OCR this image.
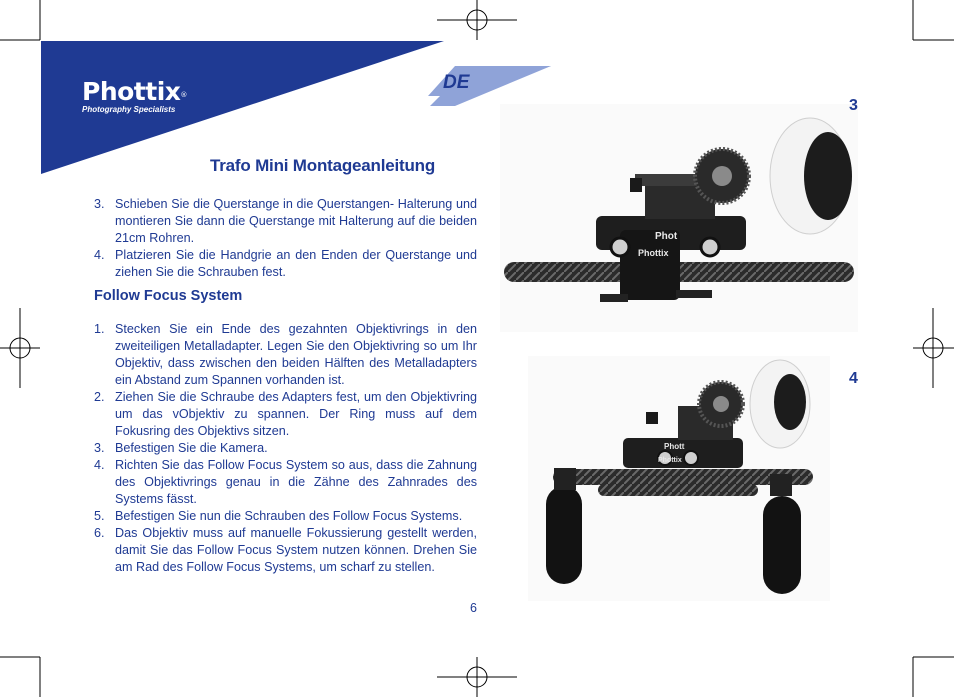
Phottix®
Photography Specialists
DE
Trafo Mini Montageanleitung
3. Schieben Sie die Querstange in die Querstangen- Halterung und montieren Sie dann die Querstange mit Halterung auf die beiden 21cm Rohren.
4. Platzieren Sie die Handgrie an den Enden der Querstange und ziehen Sie die Schrauben fest.
Follow Focus System
1. Stecken Sie ein Ende des gezahnten Objektivrings in den zweiteiligen Metalladapter. Legen Sie den Objektivring so um Ihr Objektiv, dass zwischen den beiden Hälften des Metalladapters ein Abstand zum Spannen vorhanden ist.
2. Ziehen Sie die Schraube des Adapters fest, um den Objektivring um das vObjektiv zu spannen. Der Ring muss auf dem Fokusring des Objektivs sitzen.
3. Befestigen Sie die Kamera.
4. Richten Sie das Follow Focus System so aus, dass die Zahnung des Objektivrings genau in die Zähne des Zahnrades des Systems fässt.
5. Befestigen Sie nun die Schrauben des Follow Focus Systems.
6. Das Objektiv muss auf manuelle Fokussierung gestellt werden, damit Sie das Follow Focus System nutzen können. Drehen Sie am Rad des Follow Focus Systems, um scharf zu stellen.
6
Phot
Phottix
3
Phott
Phottix
4
